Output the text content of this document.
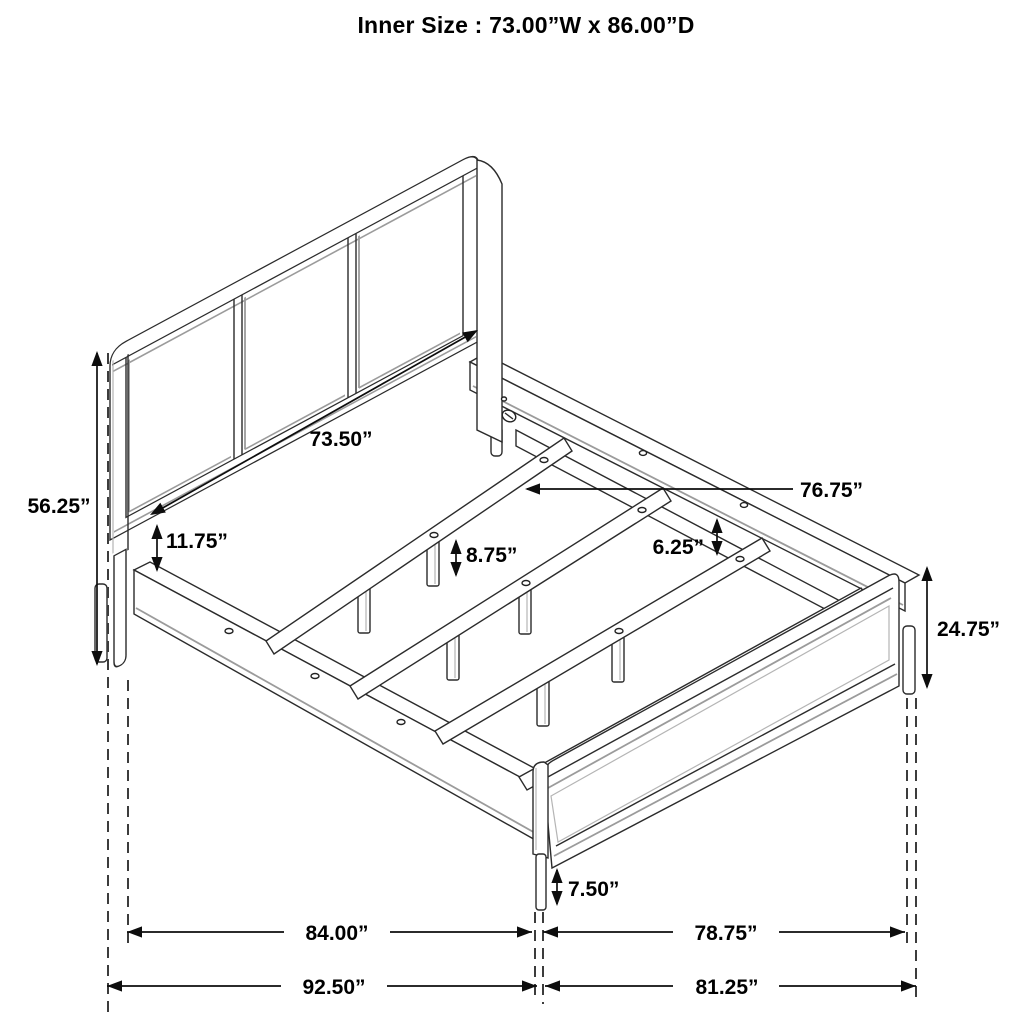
Inner Size : 73.00”W x 86.00”D
56.25”
73.50”
11.75”
8.75”	6.25”
76.75”
24.75”
7.50”
84.00”	78.75”
92.50”	81.25”
